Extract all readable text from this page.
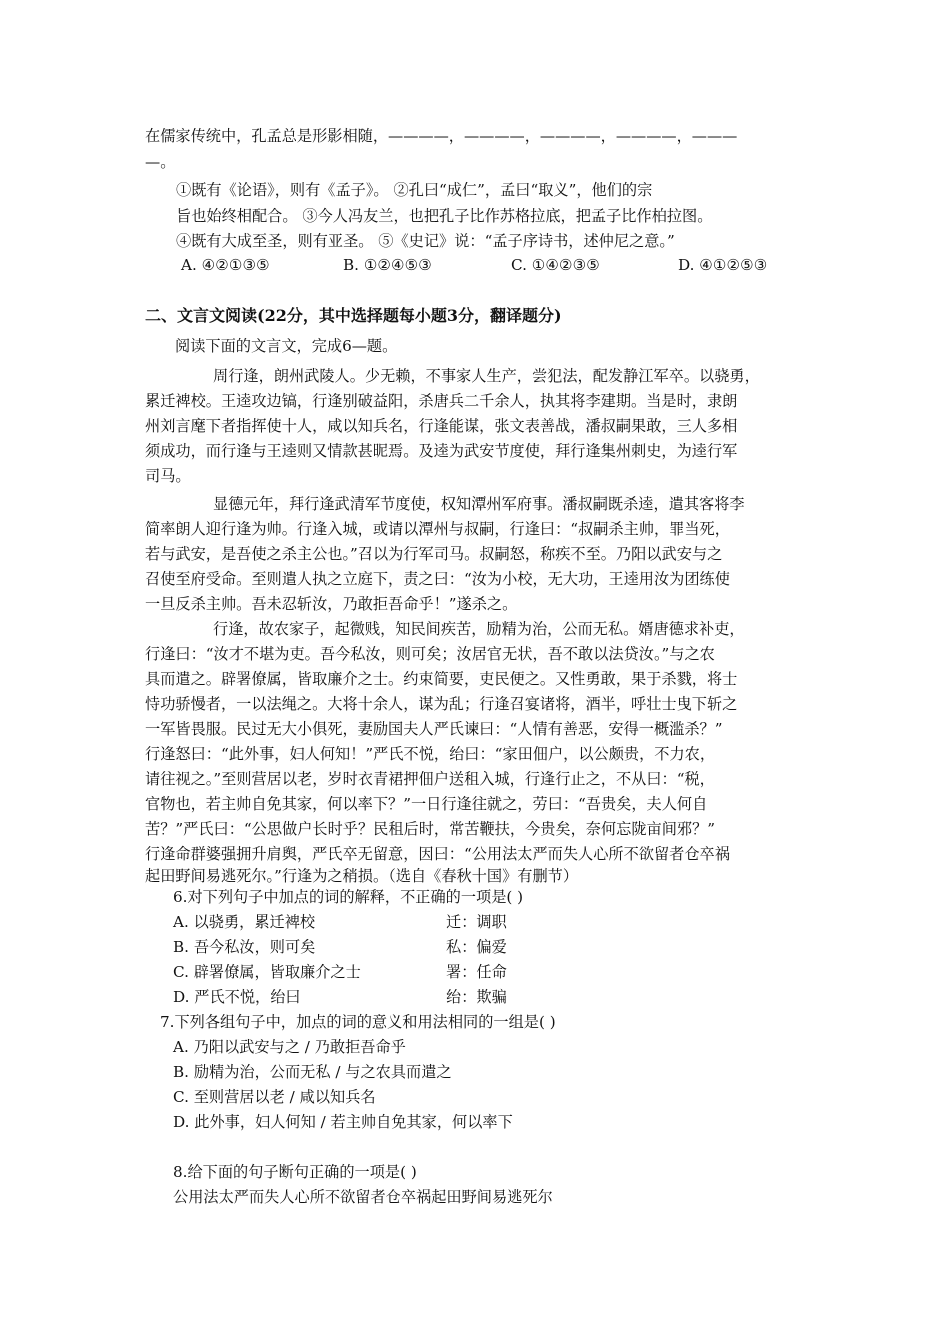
在儒家传统中，孔孟总是形影相随，————，————，————，————，———
—。
①既有《论语》，则有《孟子》。 ②孔曰“成仁”，孟曰“取义”，他们的宗
旨也始终相配合。 ③今人冯友兰，也把孔子比作苏格拉底，把孟子比作柏拉图。
④既有大成至圣，则有亚圣。 ⑤《史记》说：“孟子序诗书，述仲尼之意。”
A. ④②①③⑤	B. ①②④⑤③	C. ①④②③⑤	D. ④①②⑤③
二、文言文阅读(22分，其中选择题每小题3分，翻译题分)
阅读下面的文言文，完成6—题。
周行逢，朗州武陵人。少无赖，不事家人生产，尝犯法，配发静江军卒。以骁勇，
累迁裨校。王逵攻边镐，行逢别破益阳，杀唐兵二千余人，执其将李建期。当是时，隶朗
州刘言麾下者指挥使十人，咸以知兵名，行逢能谋，张文表善战，潘叔嗣果敢，三人多相
须成功，而行逢与王逵则又情款甚昵焉。及逵为武安节度使，拜行逢集州刺史，为逵行军
司马。
显德元年，拜行逢武清军节度使，权知潭州军府事。潘叔嗣既杀逵，遣其客将李
简率朗人迎行逢为帅。行逢入城，或请以潭州与叔嗣，行逢曰：“叔嗣杀主帅，罪当死，
若与武安，是吾使之杀主公也。”召以为行军司马。叔嗣怒，称疾不至。乃阳以武安与之
召使至府受命。至则遣人执之立庭下，责之曰：“汝为小校，无大功，王逵用汝为团练使
一旦反杀主帅。吾未忍斩汝，乃敢拒吾命乎！”遂杀之。
行逢，故农家子，起微贱，知民间疾苦，励精为治，公而无私。婿唐德求补吏，
行逢曰：“汝才不堪为吏。吾今私汝，则可矣；汝居官无状，吾不敢以法贷汝。”与之农
具而遣之。辟署僚属，皆取廉介之士。约束简要，吏民便之。又性勇敢，果于杀戮，将士
恃功骄慢者，一以法绳之。大将十余人，谋为乱；行逢召宴诸将，酒半，呼壮士曳下斩之
一军皆畏服。民过无大小俱死，妻励国夫人严氏谏曰：“人情有善恶，安得一概滥杀？”
行逢怒曰：“此外事，妇人何知！”严氏不悦，绐曰：“家田佃户，以公颇贵，不力农，
请往视之。”至则营居以老，岁时衣青裙押佃户送租入城，行逢行止之，不从曰：“税，
官物也，若主帅自免其家，何以率下？”一日行逢往就之，劳曰：“吾贵矣，夫人何自
苦？”严氏曰：“公思做户长时乎？民租后时，常苦鞭扶，今贵矣，奈何忘陇亩间邪？”
行逢命群婆强拥升肩舆，严氏卒无留意，因曰：“公用法太严而失人心所不欲留者仓卒祸
起田野间易逃死尔。”行逢为之稍损。（选自《春秋十国》有删节）
6.对下列句子中加点的词的解释，不正确的一项是( )
A. 以骁勇，累迁裨校	迁：调职
B. 吾今私汝，则可矣	私：偏爱
C. 辟署僚属，皆取廉介之士	署：任命
D. 严氏不悦，绐曰	绐：欺骗
7.下列各组句子中，加点的词的意义和用法相同的一组是( )
A. 乃阳以武安与之 / 乃敢拒吾命乎
B. 励精为治，公而无私 / 与之农具而遣之
C. 至则营居以老 / 咸以知兵名
D. 此外事，妇人何知 / 若主帅自免其家，何以率下
8.给下面的句子断句正确的一项是( )
公用法太严而失人心所不欲留者仓卒祸起田野间易逃死尔
